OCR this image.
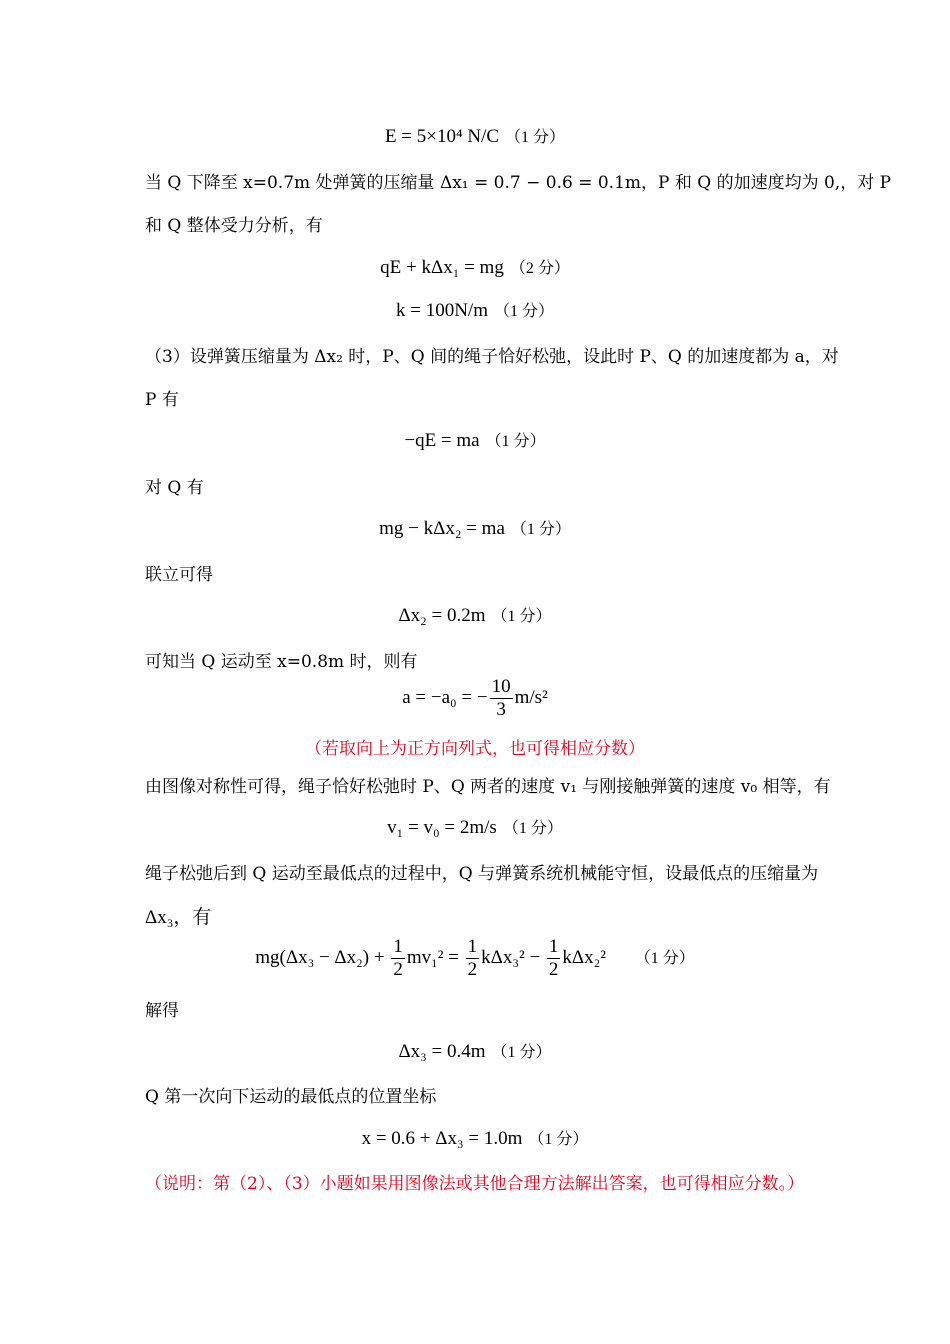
E = 5×10⁴ N/C （1 分）
当 Q 下降至 x=0.7m 处弹簧的压缩量 Δx₁ = 0.7 − 0.6 = 0.1m，P 和 Q 的加速度均为 0,，对 P
和 Q 整体受力分析，有
qE + kΔx₁ = mg （2 分）
k = 100N/m （1 分）
（3）设弹簧压缩量为 Δx₂ 时，P、Q 间的绳子恰好松弛，设此时 P、Q 的加速度都为 a，对
P 有
−qE = ma （1 分）
对 Q 有
mg − kΔx₂ = ma （1 分）
联立可得
Δx₂ = 0.2m （1 分）
可知当 Q 运动至 x=0.8m 时，则有
a = −a₀ = − $\frac{10}{3} m/s^2$
（若取向上为正方向列式，也可得相应分数）
由图像对称性可得，绳子恰好松弛时 P、Q 两者的速度 v₁ 与刚接触弹簧的速度 v₀ 相等，有
v₁ = v₀ = 2m/s （1 分）
绳子松弛后到 Q 运动至最低点的过程中，Q 与弹簧系统机械能守恒，设最低点的压缩量为
Δx₃，有
$mg(\Delta x_3 - \Delta x_2) + \frac{1}{2} mv_1^2 = \frac{1}{2} k\Delta x_3^2 - \frac{1}{2} k\Delta x_2^2$ （1 分）
解得
Δx₃ = 0.4m （1 分）
Q 第一次向下运动的最低点的位置坐标
x = 0.6 + Δx₃ = 1.0m （1 分）
（说明：第（2）、（3）小题如果用图像法或其他合理方法解出答案，也可得相应分数。）
